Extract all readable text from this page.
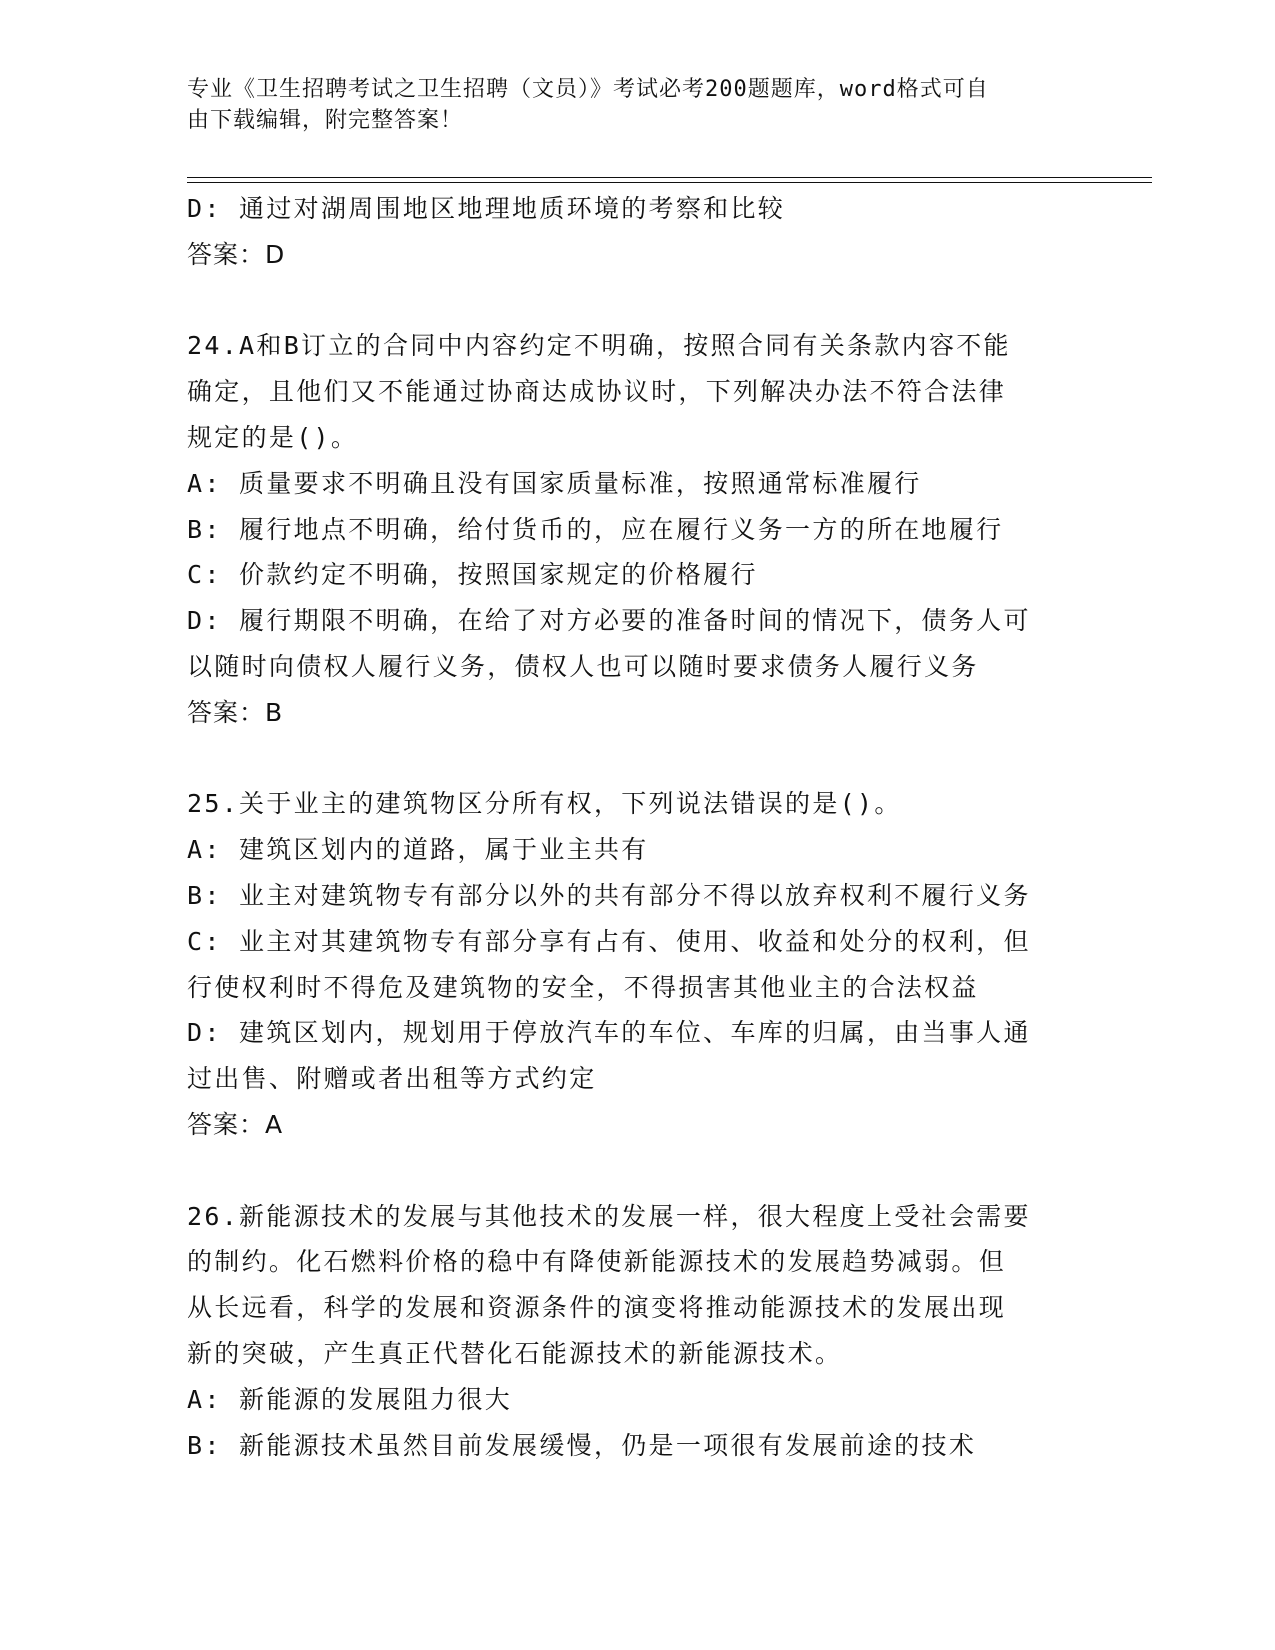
专业《卫生招聘考试之卫生招聘（文员）》考试必考200题题库，word格式可自
由下载编辑，附完整答案！
D: 通过对湖周围地区地理地质环境的考察和比较
答案：D
24.A和B订立的合同中内容约定不明确，按照合同有关条款内容不能
确定，且他们又不能通过协商达成协议时，下列解决办法不符合法律
规定的是()。
A: 质量要求不明确且没有国家质量标准，按照通常标准履行
B: 履行地点不明确，给付货币的，应在履行义务一方的所在地履行
C: 价款约定不明确，按照国家规定的价格履行
D: 履行期限不明确，在给了对方必要的准备时间的情况下，债务人可
以随时向债权人履行义务，债权人也可以随时要求债务人履行义务
答案：B
25.关于业主的建筑物区分所有权，下列说法错误的是()。
A: 建筑区划内的道路，属于业主共有
B: 业主对建筑物专有部分以外的共有部分不得以放弃权利不履行义务
C: 业主对其建筑物专有部分享有占有、使用、收益和处分的权利，但
行使权利时不得危及建筑物的安全，不得损害其他业主的合法权益
D: 建筑区划内，规划用于停放汽车的车位、车库的归属，由当事人通
过出售、附赠或者出租等方式约定
答案：A
26.新能源技术的发展与其他技术的发展一样，很大程度上受社会需要
的制约。化石燃料价格的稳中有降使新能源技术的发展趋势减弱。但
从长远看，科学的发展和资源条件的演变将推动能源技术的发展出现
新的突破，产生真正代替化石能源技术的新能源技术。
A: 新能源的发展阻力很大
B: 新能源技术虽然目前发展缓慢，仍是一项很有发展前途的技术
